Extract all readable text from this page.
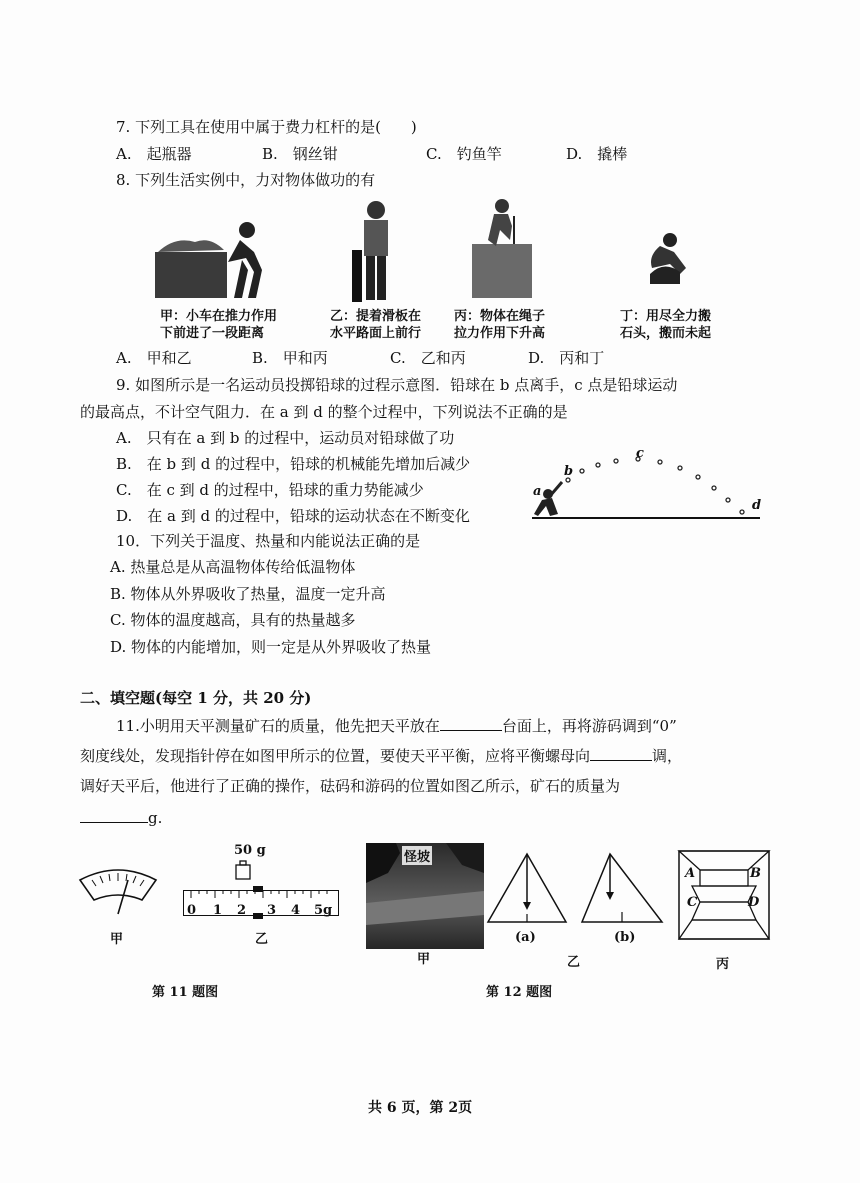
7. 下列工具在使用中属于费力杠杆的是(　　)
A.　起瓶器	B.　钢丝钳	C.　钓鱼竿	D.　撬棒
8. 下列生活实例中，力对物体做功的有
甲：小车在推力作用
下前进了一段距离
乙：提着滑板在
水平路面上前行
丙：物体在绳子
拉力作用下升高
丁：用尽全力搬
石头，搬而未起
A.　甲和乙	B.　甲和丙	C.　乙和丙	D.　丙和丁
9. 如图所示是一名运动员投掷铅球的过程示意图．铅球在 b 点离手，c 点是铅球运动
的最高点，不计空气阻力．在 a 到 d 的整个过程中，下列说法不正确的是
A.　只有在 a 到 b 的过程中，运动员对铅球做了功
B.　在 b 到 d 的过程中，铅球的机械能先增加后减少
C.　在 c 到 d 的过程中，铅球的重力势能减少
D.　在 a 到 d 的过程中，铅球的运动状态在不断变化
a
b
c
d
10．下列关于温度、热量和内能说法正确的是
A. 热量总是从高温物体传给低温物体
B. 物体从外界吸收了热量，温度一定升高
C. 物体的温度越高，具有的热量越多
D. 物体的内能增加，则一定是从外界吸收了热量
二、填空题(每空 1 分，共 20 分)
11.小明用天平测量矿石的质量，他先把天平放在	台面上，再将游码调到“0”
刻度线处，发现指针停在如图甲所示的位置，要使天平平衡，应将平衡螺母向	调，
调好天平后，他进行了正确的操作，砝码和游码的位置如图乙所示，矿石的质量为
g.
甲
50 g
0 1 2 3 4 5g
乙
怪坡
甲
(a)	(b)
乙
A	B
C	D
丙
第 11 题图	第 12 题图
共 6 页，第 2页
